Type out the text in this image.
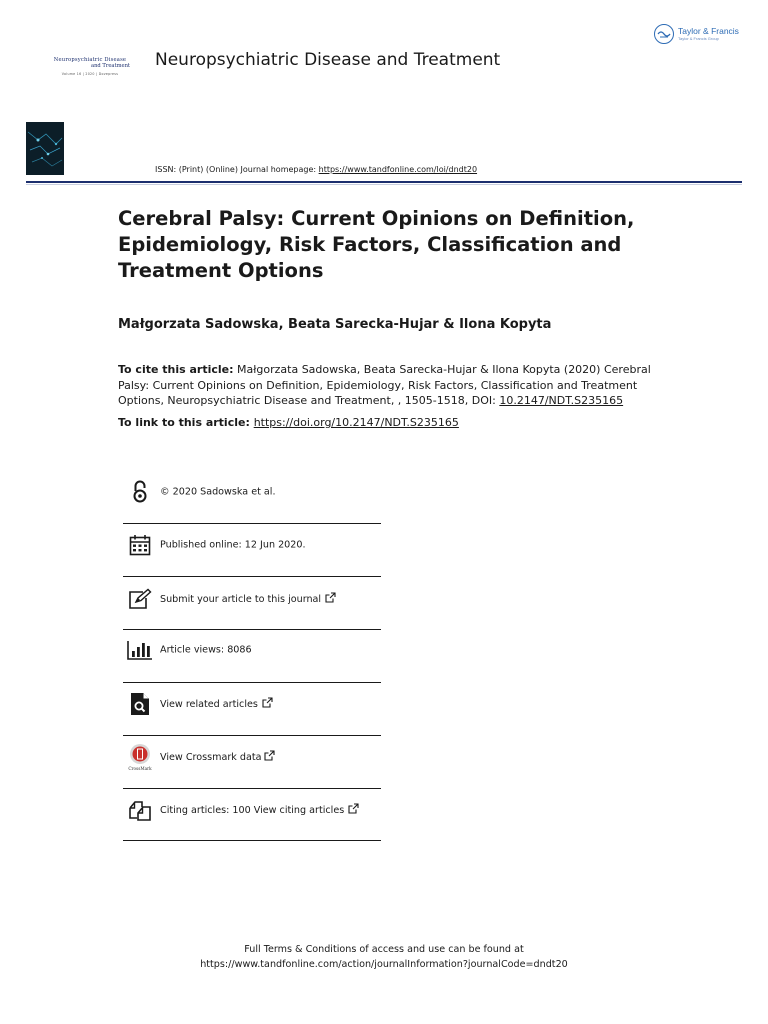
Taylor & Francis
Taylor & Francis Group
Neuropsychiatric Disease
and Treatment
Volume 16 | 2020 | Dovepress
Neuropsychiatric Disease and Treatment
ISSN: (Print) (Online) Journal homepage: https://www.tandfonline.com/loi/dndt20
Cerebral Palsy: Current Opinions on Definition, Epidemiology, Risk Factors, Classification and Treatment Options
Małgorzata Sadowska, Beata Sarecka-Hujar & Ilona Kopyta
To cite this article: Małgorzata Sadowska, Beata Sarecka-Hujar & Ilona Kopyta (2020) Cerebral Palsy: Current Opinions on Definition, Epidemiology, Risk Factors, Classification and Treatment Options, Neuropsychiatric Disease and Treatment, , 1505-1518, DOI: 10.2147/NDT.S235165
To link to this article: https://doi.org/10.2147/NDT.S235165
© 2020 Sadowska et al.
Published online: 12 Jun 2020.
Submit your article to this journal
Article views: 8086
View related articles
CrossMark
View Crossmark data
Citing articles: 100 View citing articles
Full Terms & Conditions of access and use can be found at
https://www.tandfonline.com/action/journalInformation?journalCode=dndt20
